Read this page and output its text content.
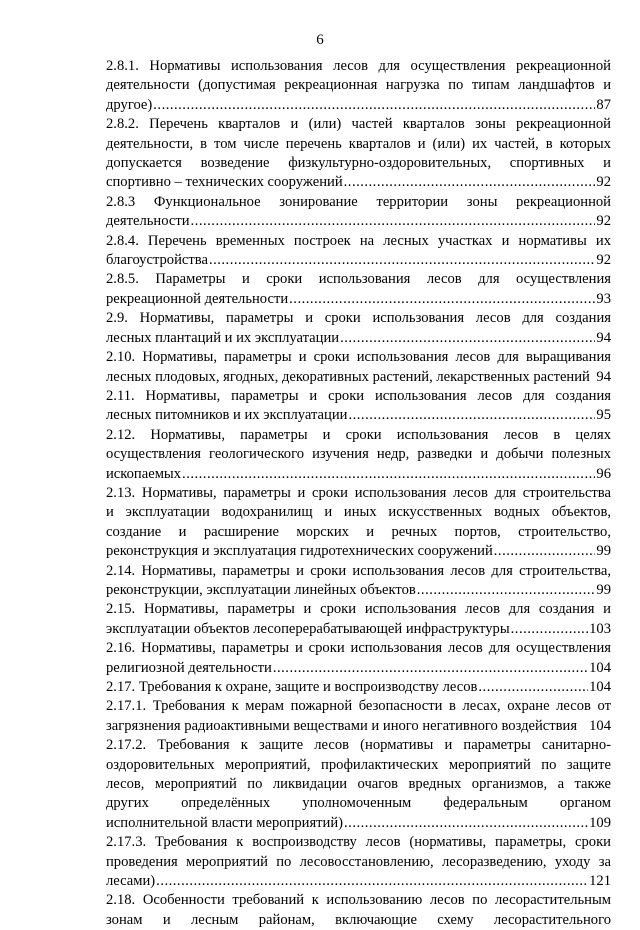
6
2.8.1. Нормативы использования лесов для осуществления рекреационной
деятельности (допустимая рекреационная нагрузка по типам ландшафтов и
другое) .....	87
2.8.2. Перечень кварталов и (или) частей кварталов зоны рекреационной
деятельности, в том числе перечень кварталов и (или) их частей, в которых
допускается возведение физкультурно-оздоровительных, спортивных и
спортивно – технических сооружений .....	92
2.8.3 Функциональное зонирование территории зоны рекреационной
деятельности .....	92
2.8.4. Перечень временных построек на лесных участках и нормативы их
благоустройства .....	92
2.8.5. Параметры и сроки использования лесов для осуществления
рекреационной деятельности .....	93
2.9. Нормативы, параметры и сроки использования лесов для создания
лесных плантаций и их эксплуатации .....	94
2.10. Нормативы, параметры и сроки использования лесов для выращивания
лесных плодовых, ягодных, декоративных растений, лекарственных растений 94
2.11. Нормативы, параметры и сроки использования лесов для создания
лесных питомников и их эксплуатации .....	95
2.12. Нормативы, параметры и сроки использования лесов в целях
осуществления геологического изучения недр, разведки и добычи полезных
ископаемых .....	96
2.13. Нормативы, параметры и сроки использования лесов для строительства
и эксплуатации водохранилищ и иных искусственных водных объектов,
создание и расширение морских и речных портов, строительство,
реконструкция и эксплуатация гидротехнических сооружений .....	99
2.14. Нормативы, параметры и сроки использования лесов для строительства,
реконструкции, эксплуатации линейных объектов .....	99
2.15. Нормативы, параметры и сроки использования лесов для создания и
эксплуатации объектов лесоперерабатывающей инфраструктуры .....	103
2.16. Нормативы, параметры и сроки использования лесов для осуществления
религиозной деятельности .....	104
2.17. Требования к охране, защите и воспроизводству лесов .....	104
2.17.1. Требования к мерам пожарной безопасности в лесах, охране лесов от
загрязнения радиоактивными веществами и иного негативного воздействия 104
2.17.2. Требования к защите лесов (нормативы и параметры санитарно-
оздоровительных мероприятий, профилактических мероприятий по защите
лесов, мероприятий по ликвидации очагов вредных организмов, а также
других определённых уполномоченным федеральным органом
исполнительной власти мероприятий) .....	109
2.17.3. Требования к воспроизводству лесов (нормативы, параметры, сроки
проведения мероприятий по лесовосстановлению, лесоразведению, уходу за
лесами) .....	121
2.18. Особенности требований к использованию лесов по лесорастительным
зонам и лесным районам, включающие схему лесорастительного
